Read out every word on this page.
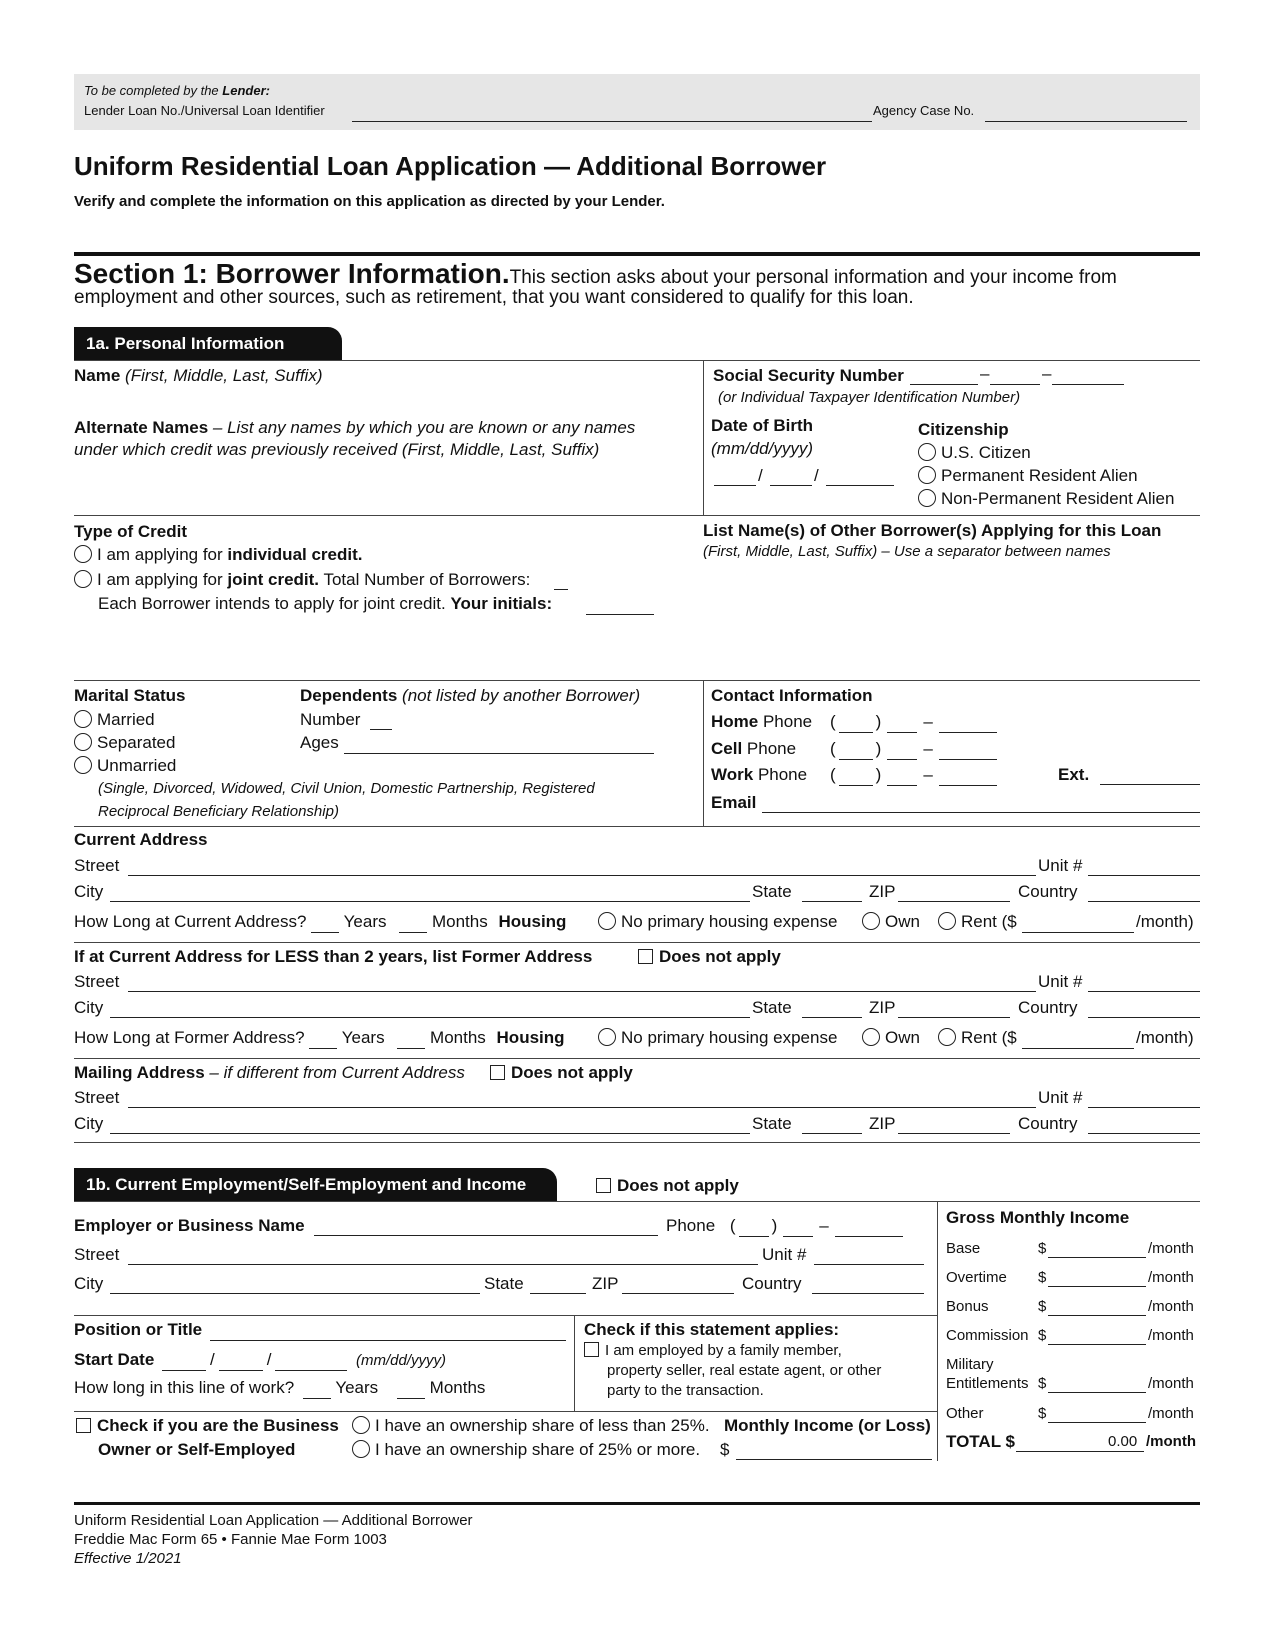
To be completed by the Lender:
Lender Loan No./Universal Loan Identifier	Agency Case No.
Uniform Residential Loan Application — Additional Borrower
Verify and complete the information on this application as directed by your Lender.
Section 1: Borrower Information.This section asks about your personal information and your income from
employment and other sources, such as retirement, that you want considered to qualify for this loan.
1a. Personal Information
Name (First, Middle, Last, Suffix)	Social Security Number	–	–
(or Individual Taxpayer Identification Number)
Alternate Names – List any names by which you are known or any names
under which credit was previously received (First, Middle, Last, Suffix)
Date of Birth
(mm/dd/yyyy)
/	/
Citizenship
U.S. Citizen
Permanent Resident Alien
Non-Permanent Resident Alien
Type of Credit
I am applying for individual credit.
I am applying for joint credit. Total Number of Borrowers:
Each Borrower intends to apply for joint credit. Your initials:
List Name(s) of Other Borrower(s) Applying for this Loan
(First, Middle, Last, Suffix) – Use a separator between names
Marital Status
Married
Separated
Unmarried
(Single, Divorced, Widowed, Civil Union, Domestic Partnership, Registered
Reciprocal Beneficiary Relationship)
Dependents (not listed by another Borrower)
Number
Ages
Contact Information
Home Phone
Cell Phone
Work Phone
( ) –
( ) –
( ) –	Ext.
Email
Current Address
Street	Unit #
City	State	ZIP	Country
How Long at Current Address? Years	Months Housing	No primary housing expense	Own	Rent ($	/month)
If at Current Address for LESS than 2 years, list Former Address	Does not apply
Street	Unit #
City	State	ZIP	Country
How Long at Former Address? Years	Months Housing	No primary housing expense	Own	Rent ($	/month)
Mailing Address – if different from Current Address	Does not apply
Street	Unit #
City	State	ZIP	Country
1b. Current Employment/Self-Employment and Income	Does not apply
Employer or Business Name	Phone ( ) –
Street	Unit #
City	State	ZIP	Country
Position or Title
Start Date	/	/	(mm/dd/yyyy)
How long in this line of work? Years	Months
Check if this statement applies:
I am employed by a family member,
property seller, real estate agent, or other
party to the transaction.
Check if you are the Business
Owner or Self-Employed
I have an ownership share of less than 25%.
I have an ownership share of 25% or more.
Monthly Income (or Loss)
$
Gross Monthly Income
Base	$	/month
Overtime $	/month
Bonus	$	/month
Commission $	/month
Military
Entitlements $	/month
Other	$	/month
TOTAL $	0.00 /month
Uniform Residential Loan Application — Additional Borrower
Freddie Mac Form 65 • Fannie Mae Form 1003
Effective 1/2021
